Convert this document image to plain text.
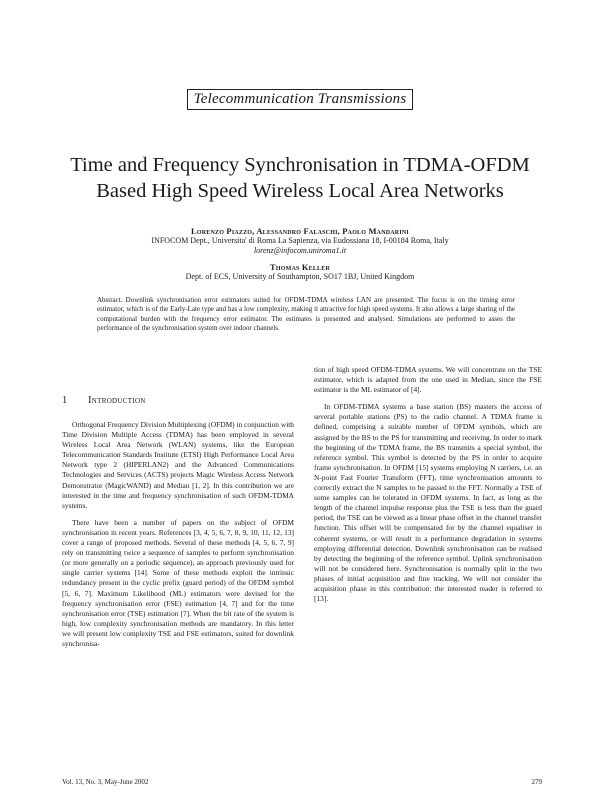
Telecommunication Transmissions
Time and Frequency Synchronisation in TDMA-OFDM
Based High Speed Wireless Local Area Networks
Lorenzo Piazzo, Alessandro Falaschi, Paolo Mandarini
INFOCOM Dept., Universita' di Roma La Sapienza, via Eudossiana 18, I-00184 Roma, Italy
lorenz@infocom.uniroma1.it
Thomas Keller
Dept. of ECS, University of Southampton, SO17 1BJ, United Kingdom
Abstract. Downlink synchronisation error estimators suited for OFDM-TDMA wireless LAN are presented. The focus is on the timing error estimator, which is of the Early-Late type and has a low complexity, making it attractive for high speed systems. It also allows a large sharing of the computational burden with the frequency error estimator. The estimates is presented and analysed. Simulations are performed to asses the performance of the synchronisation system over indoor channels.
1 Introduction

Orthogonal Frequency Division Multiplexing (OFDM) in conjunction with Time Division Multiple Access (TDMA) has been employed in several Wireless Local Area Network (WLAN) systems, like the European Telecommunication Standards Institute (ETSI) High Performance Local Area Network type 2 (HIPERLAN2) and the Advanced Communications Technologies and Services (ACTS) projects Magic Wireless Access Network Demonstrator (MagicWAND) and Median [1, 2]. In this contribution we are interested in the time and frequency synchronisation of such OFDM-TDMA systems.

There have been a number of papers on the subject of OFDM synchronisation in recent years. References [3, 4, 5, 6, 7, 8, 9, 10, 11, 12, 13] cover a range of proposed methods. Several of these methods [4, 5, 6, 7, 9] rely on transmitting twice a sequence of samples to perform synchronisation (or more generally on a periodic sequence), an approach previously used for single carrier systems [14]. Some of these methods exploit the intrinsic redundancy present in the cyclic prefix (guard period) of the OFDM symbol [5, 6, 7]. Maximum Likelihood (ML) estimators were devised for the frequency synchronisation error (FSE) estimation [4, 7] and for the time synchronisation error (TSE) estimation [7]. When the bit rate of the system is high, low complexity synchronisation methods are mandatory. In this letter we will present low complexity TSE and FSE estimators, suited for downlink synchronisa-

tion of high speed OFDM-TDMA systems. We will concentrate on the TSE estimator, which is adapted from the one used in Median, since the FSE estimator is the ML estimator of [4].

In OFDM-TDMA systems a base station (BS) masters the access of several portable stations (PS) to the radio channel. A TDMA frame is defined, comprising a suitable number of OFDM symbols, which are assigned by the BS to the PS for transmitting and receiving. In order to mark the beginning of the TDMA frame, the BS transmits a special symbol, the reference symbol. This symbol is detected by the PS in order to acquire frame synchronisation. In OFDM [15] systems employing N carriers, i.e. an N-point Fast Fourier Transform (FFT), time synchronisation amounts to correctly extract the N samples to be passed to the FFT. Normally a TSE of some samples can be tolerated in OFDM systems. In fact, as long as the length of the channel impulse response plus the TSE is less than the guard period, the TSE can be viewed as a linear phase offset in the channel transfer function. This offset will be compensated for by the channel equaliser in coherent systems, or will result in a performance degradation in systems employing differential detection. Downlink synchronisation can be realised by detecting the beginning of the reference symbol. Uplink synchronisation will not be considered here. Synchronisation is normally split in the two phases of initial acquisition and fine tracking. We will not consider the acquisition phase in this contribution: the interested reader is referred to [13].

Vol. 13, No. 3, May-June 2002	279
